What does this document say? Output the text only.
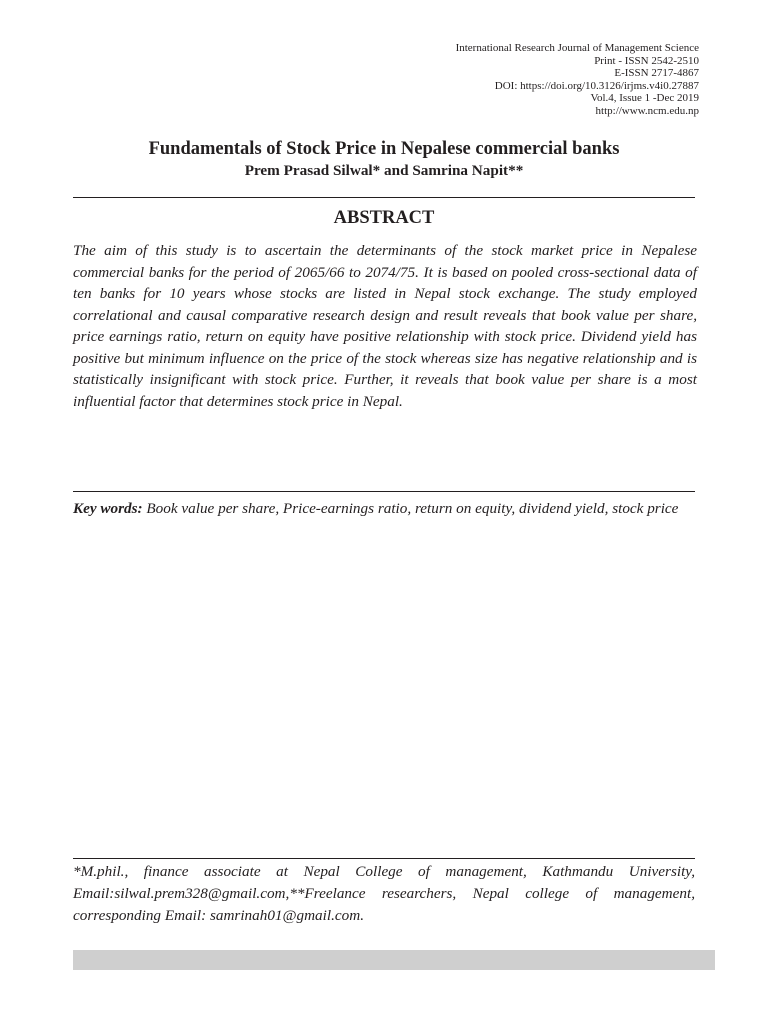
International Research Journal of Management Science
Print - ISSN 2542-2510
E-ISSN 2717-4867
DOI: https://doi.org/10.3126/irjms.v4i0.27887
Vol.4, Issue 1 -Dec 2019
http://www.ncm.edu.np
Fundamentals of Stock Price in Nepalese commercial banks
Prem Prasad Silwal* and Samrina Napit**
ABSTRACT
The aim of this study is to ascertain the determinants of the stock market price in Nepalese commercial banks for the period of 2065/66 to 2074/75. It is based on pooled cross-sectional data of ten banks for 10 years whose stocks are listed in Nepal stock exchange. The study employed correlational and causal comparative research design and result reveals that book value per share, price earnings ratio, return on equity have positive relationship with stock price. Dividend yield has positive but minimum influence on the price of the stock whereas size has negative relationship and is statistically insignificant with stock price. Further, it reveals that book value per share is a most influential factor that determines stock price in Nepal.
Key words: Book value per share, Price-earnings ratio, return on equity, dividend yield, stock price
*M.phil., finance associate at Nepal College of management, Kathmandu University, Email:silwal.prem328@gmail.com,**Freelance researchers, Nepal college of management, corresponding Email: samrinah01@gmail.com.
